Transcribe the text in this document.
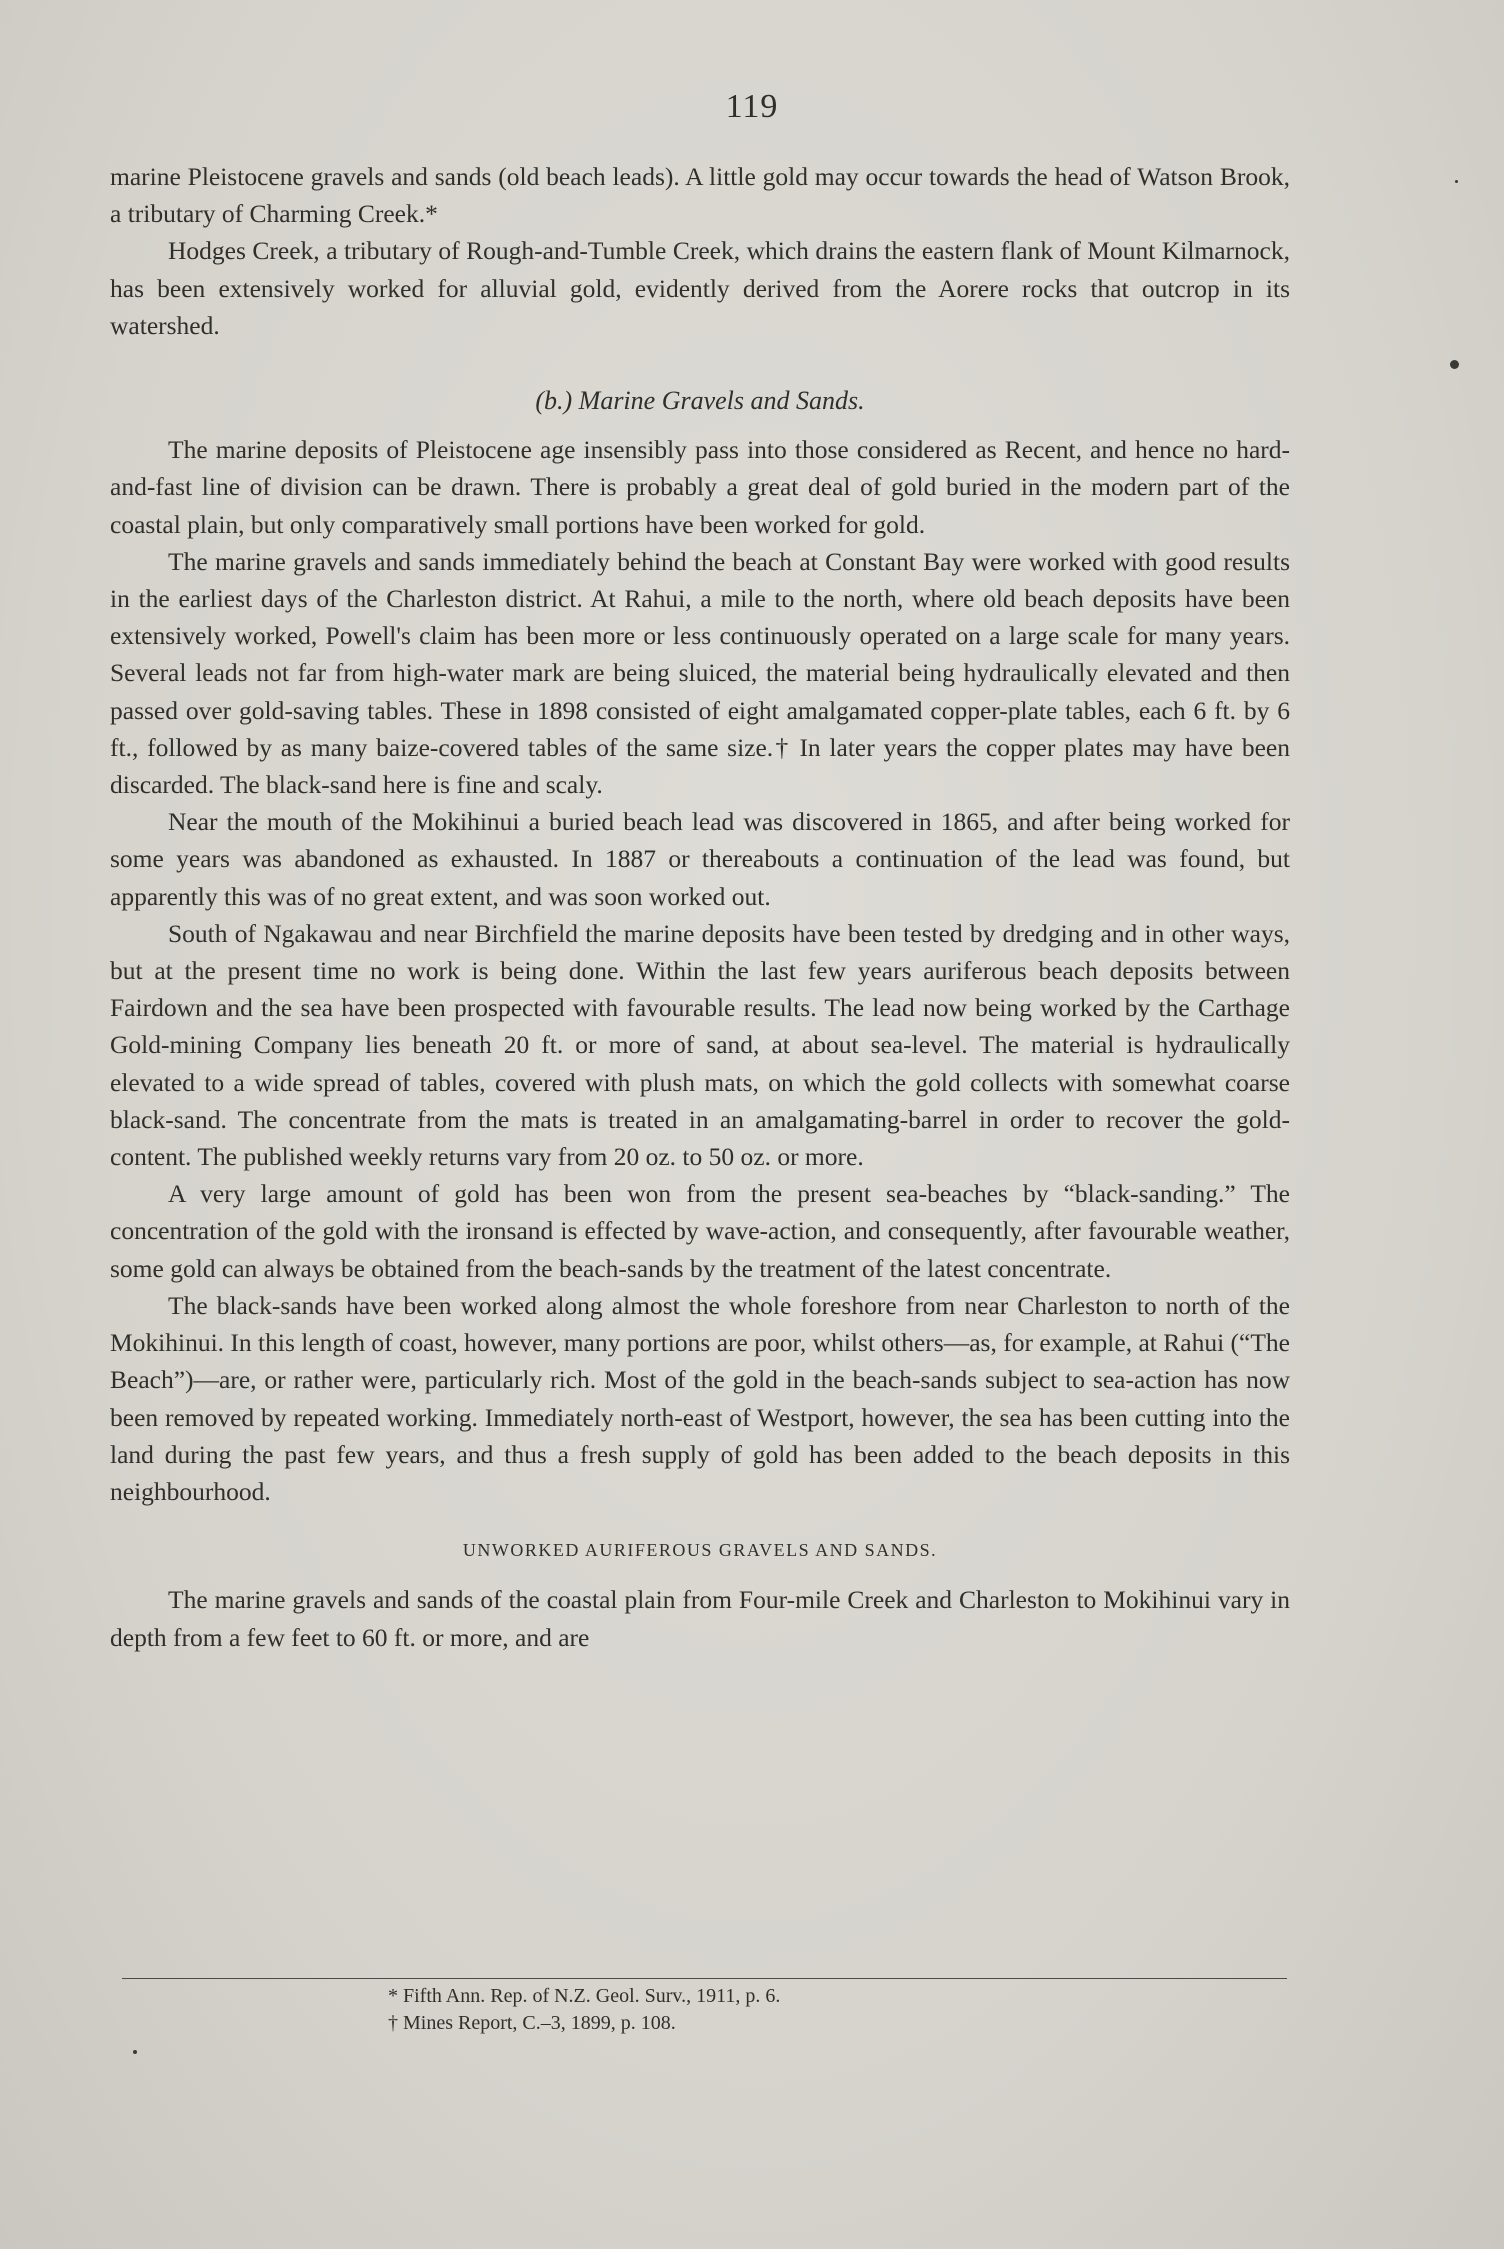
119

marine Pleistocene gravels and sands (old beach leads). A little gold may occur towards the head of Watson Brook, a tributary of Charming Creek.*

Hodges Creek, a tributary of Rough-and-Tumble Creek, which drains the eastern flank of Mount Kilmarnock, has been extensively worked for alluvial gold, evidently derived from the Aorere rocks that outcrop in its watershed.

(b.) Marine Gravels and Sands.

The marine deposits of Pleistocene age insensibly pass into those considered as Recent, and hence no hard-and-fast line of division can be drawn. There is probably a great deal of gold buried in the modern part of the coastal plain, but only comparatively small portions have been worked for gold.

The marine gravels and sands immediately behind the beach at Constant Bay were worked with good results in the earliest days of the Charleston district. At Rahui, a mile to the north, where old beach deposits have been extensively worked, Powell's claim has been more or less continuously operated on a large scale for many years. Several leads not far from high-water mark are being sluiced, the material being hydraulically elevated and then passed over gold-saving tables. These in 1898 consisted of eight amalgamated copper-plate tables, each 6 ft. by 6 ft., followed by as many baize-covered tables of the same size.† In later years the copper plates may have been discarded. The black-sand here is fine and scaly.

Near the mouth of the Mokihinui a buried beach lead was discovered in 1865, and after being worked for some years was abandoned as exhausted. In 1887 or thereabouts a continuation of the lead was found, but apparently this was of no great extent, and was soon worked out.

South of Ngakawau and near Birchfield the marine deposits have been tested by dredging and in other ways, but at the present time no work is being done. Within the last few years auriferous beach deposits between Fairdown and the sea have been prospected with favourable results. The lead now being worked by the Carthage Gold-mining Company lies beneath 20 ft. or more of sand, at about sea-level. The material is hydraulically elevated to a wide spread of tables, covered with plush mats, on which the gold collects with somewhat coarse black-sand. The concentrate from the mats is treated in an amalgamating-barrel in order to recover the gold-content. The published weekly returns vary from 20 oz. to 50 oz. or more.

A very large amount of gold has been won from the present sea-beaches by “black-sanding.” The concentration of the gold with the ironsand is effected by wave-action, and consequently, after favourable weather, some gold can always be obtained from the beach-sands by the treatment of the latest concentrate.

The black-sands have been worked along almost the whole foreshore from near Charleston to north of the Mokihinui. In this length of coast, however, many portions are poor, whilst others—as, for example, at Rahui (“The Beach”)—are, or rather were, particularly rich. Most of the gold in the beach-sands subject to sea-action has now been removed by repeated working. Immediately north-east of Westport, however, the sea has been cutting into the land during the past few years, and thus a fresh supply of gold has been added to the beach deposits in this neighbourhood.

UNWORKED AURIFEROUS GRAVELS AND SANDS.

The marine gravels and sands of the coastal plain from Four-mile Creek and Charleston to Mokihinui vary in depth from a few feet to 60 ft. or more, and are

* Fifth Ann. Rep. of N.Z. Geol. Surv., 1911, p. 6.
† Mines Report, C.–3, 1899, p. 108.
